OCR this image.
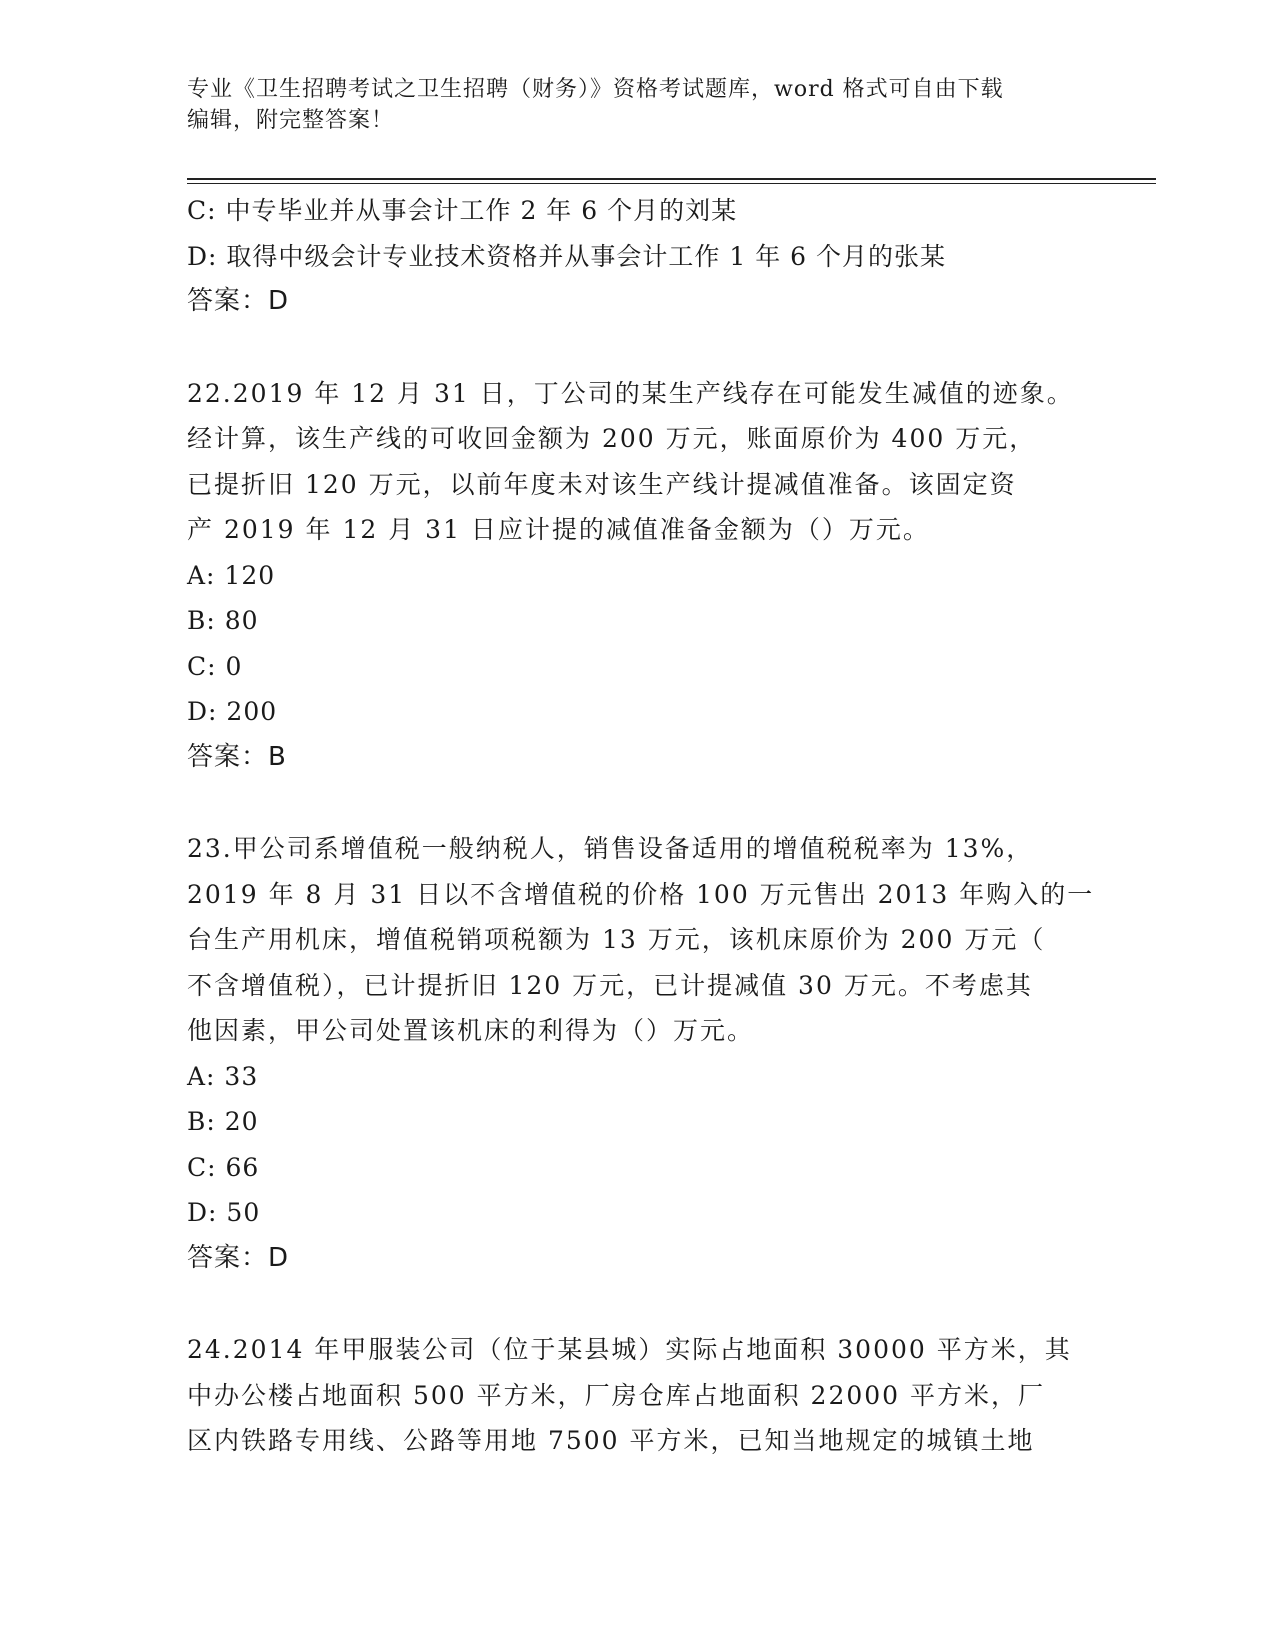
专业《卫生招聘考试之卫生招聘（财务）》资格考试题库，word 格式可自由下载
编辑，附完整答案！

C: 中专毕业并从事会计工作 2 年 6 个月的刘某

D: 取得中级会计专业技术资格并从事会计工作 1 年 6 个月的张某

答案：D

22.2019 年 12 月 31 日，丁公司的某生产线存在可能发生减值的迹象。

经计算，该生产线的可收回金额为 200 万元，账面原价为 400 万元，

已提折旧 120 万元，以前年度未对该生产线计提减值准备。该固定资

产 2019 年 12 月 31 日应计提的减值准备金额为（）万元。

A: 120

B: 80

C: 0

D: 200

答案：B

23.甲公司系增值税一般纳税人，销售设备适用的增值税税率为 13%，

2019 年 8 月 31 日以不含增值税的价格 100 万元售出 2013 年购入的一

台生产用机床，增值税销项税额为 13 万元，该机床原价为 200 万元（

不含增值税），已计提折旧 120 万元，已计提减值 30 万元。不考虑其

他因素，甲公司处置该机床的利得为（）万元。

A: 33

B: 20

C: 66

D: 50

答案：D

24.2014 年甲服装公司（位于某县城）实际占地面积 30000 平方米，其

中办公楼占地面积 500 平方米，厂房仓库占地面积 22000 平方米，厂

区内铁路专用线、公路等用地 7500 平方米，已知当地规定的城镇土地
